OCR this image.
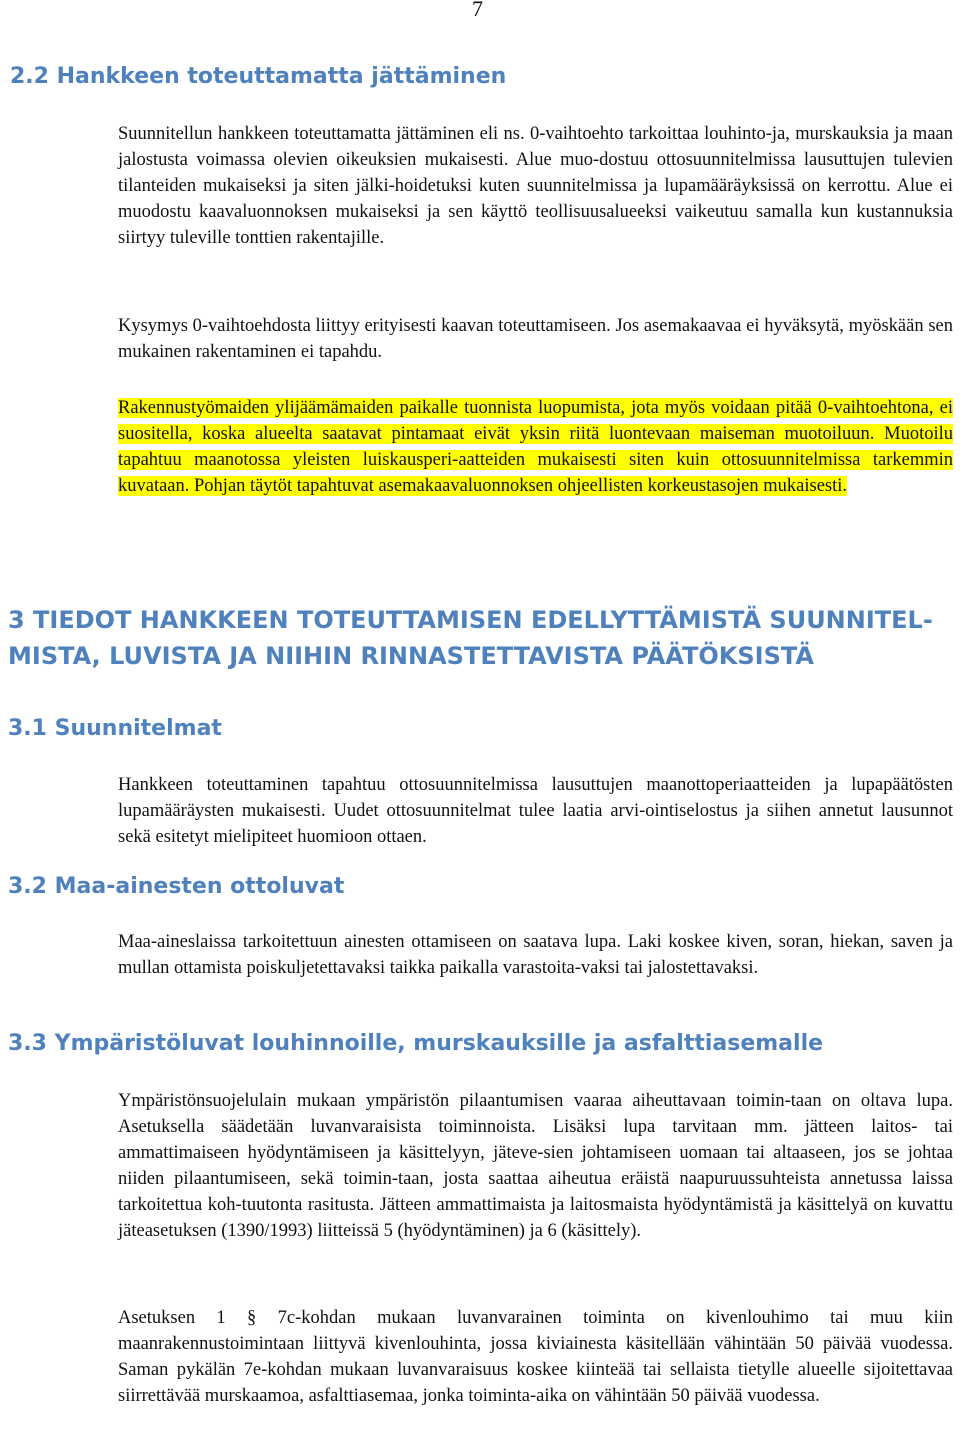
7
2.2 Hankkeen toteuttamatta jättäminen

Suunnitellun hankkeen toteuttamatta jättäminen eli ns. 0-vaihtoehto tarkoittaa louhinto-ja, murskauksia ja maan jalostusta voimassa olevien oikeuksien mukaisesti. Alue muo-dostuu ottosuunnitelmissa lausuttujen tulevien tilanteiden mukaiseksi ja siten jälki-hoidetuksi kuten suunnitelmissa ja lupamääräyksissä on kerrottu. Alue ei muodostu kaavaluonnoksen mukaiseksi ja sen käyttö teollisuusalueeksi vaikeutuu samalla kun kustannuksia siirtyy tuleville tonttien rakentajille.

Kysymys 0-vaihtoehdosta liittyy erityisesti kaavan toteuttamiseen. Jos asemakaavaa ei hyväksytä, myöskään sen mukainen rakentaminen ei tapahdu.

Rakennustyömaiden ylijäämämaiden paikalle tuonnista luopumista, jota myös voidaan pitää 0-vaihtoehtona, ei suositella, koska alueelta saatavat pintamaat eivät yksin riitä luontevaan maiseman muotoiluun. Muotoilu tapahtuu maanotossa yleisten luiskausperi-aatteiden mukaisesti siten kuin ottosuunnitelmissa tarkemmin kuvataan. Pohjan täytöt tapahtuvat asemakaavaluonnoksen ohjeellisten korkeustasojen mukaisesti.

3 TIEDOT HANKKEEN TOTEUTTAMISEN EDELLYTTÄMISTÄ SUUNNITEL-
MISTA, LUVISTA JA NIIHIN RINNASTETTAVISTA PÄÄTÖKSISTÄ
3.1 Suunnitelmat

Hankkeen toteuttaminen tapahtuu ottosuunnitelmissa lausuttujen maanottoperiaatteiden ja lupapäätösten lupamääräysten mukaisesti. Uudet ottosuunnitelmat tulee laatia arvi-ointiselostus ja siihen annetut lausunnot sekä esitetyt mielipiteet huomioon ottaen.

3.2 Maa-ainesten ottoluvat

Maa-aineslaissa tarkoitettuun ainesten ottamiseen on saatava lupa. Laki koskee kiven, soran, hiekan, saven ja mullan ottamista poiskuljetettavaksi taikka paikalla varastoita-vaksi tai jalostettavaksi.

3.3 Ympäristöluvat louhinnoille, murskauksille ja asfalttiasemalle

Ympäristönsuojelulain mukaan ympäristön pilaantumisen vaaraa aiheuttavaan toimin-taan on oltava lupa. Asetuksella säädetään luvanvaraisista toiminnoista. Lisäksi lupa tarvitaan mm. jätteen laitos- tai ammattimaiseen hyödyntämiseen ja käsittelyyn, jäteve-sien johtamiseen uomaan tai altaaseen, jos se johtaa niiden pilaantumiseen, sekä toimin-taan, josta saattaa aiheutua eräistä naapuruussuhteista annetussa laissa tarkoitettua koh-tuutonta rasitusta. Jätteen ammattimaista ja laitosmaista hyödyntämistä ja käsittelyä on kuvattu jäteasetuksen (1390/1993) liitteissä 5 (hyödyntäminen) ja 6 (käsittely).

Asetuksen 1 § 7c-kohdan mukaan luvanvarainen toiminta on kivenlouhimo tai muu kiin maanrakennustoimintaan liittyvä kivenlouhinta, jossa kiviainesta käsitellään vähintään 50 päivää vuodessa. Saman pykälän 7e-kohdan mukaan luvanvaraisuus koskee kiinteää tai sellaista tietylle alueelle sijoitettavaa siirrettävää murskaamoa, asfalttiasemaa, jonka toiminta-aika on vähintään 50 päivää vuodessa.
